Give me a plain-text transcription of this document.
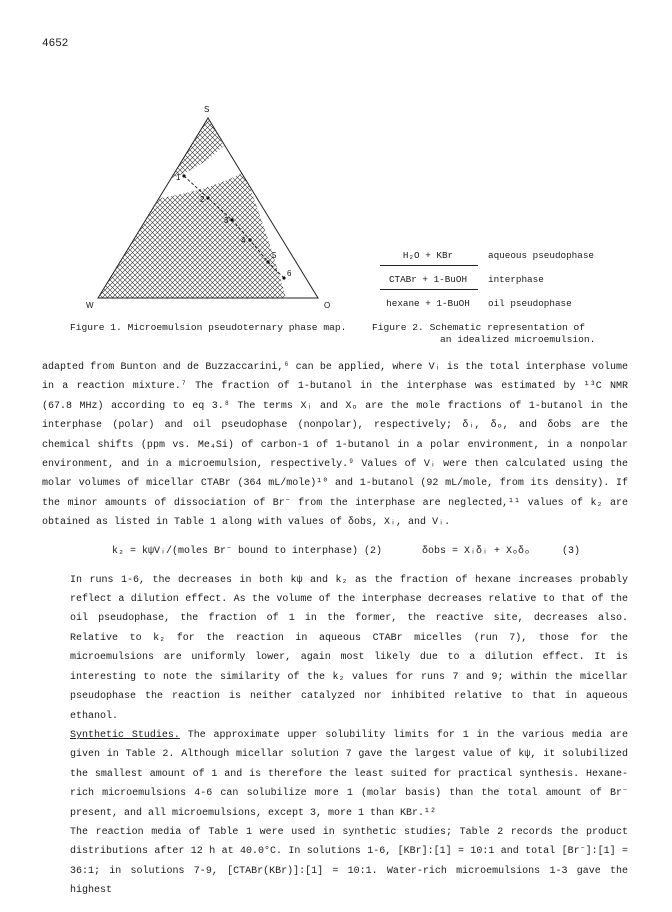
4652
S
W	O
1
2
3
4
5
6
H₂O + KBr	aqueous pseudophase
CTABr + 1-BuOH	interphase
hexane + 1-BuOH	oil pseudophase
Figure 1. Microemulsion pseudoternary phase map.	Figure 2. Schematic representation of
an idealized microemulsion.

adapted from Bunton and de Buzzaccarini,⁶ can be applied, where Vᵢ is the total interphase volume in a reaction mixture.⁷ The fraction of 1-butanol in the interphase was estimated by ¹³C NMR (67.8 MHz) according to eq 3.⁸ The terms Xᵢ and Xₒ are the mole fractions of 1-butanol in the interphase (polar) and oil pseudophase (nonpolar), respectively; δᵢ, δₒ, and δobs are the chemical shifts (ppm vs. Me₄Si) of carbon-1 of 1-butanol in a polar environment, in a nonpolar environment, and in a microemulsion, respectively.⁹ Values of Vᵢ were then calculated using the molar volumes of micellar CTABr (364 mL/mole)¹⁰ and 1-butanol (92 mL/mole, from its density). If the minor amounts of dissociation of Br⁻ from the interphase are neglected,¹¹ values of k₂ are obtained as listed in Table 1 along with values of δobs, Xᵢ, and Vᵢ.

k₂ = kψVᵢ/(moles Br⁻ bound to interphase) (2)	δobs = Xᵢδᵢ + Xₒδₒ	(3)

In runs 1-6, the decreases in both kψ and k₂ as the fraction of hexane increases probably reflect a dilution effect. As the volume of the interphase decreases relative to that of the oil pseudophase, the fraction of 1 in the former, the reactive site, decreases also. Relative to k₂ for the reaction in aqueous CTABr micelles (run 7), those for the microemulsions are uniformly lower, again most likely due to a dilution effect. It is interesting to note the similarity of the k₂ values for runs 7 and 9; within the micellar pseudophase the reaction is neither catalyzed nor inhibited relative to that in aqueous ethanol.

Synthetic Studies. The approximate upper solubility limits for 1 in the various media are given in Table 2. Although micellar solution 7 gave the largest value of kψ, it solubilized the smallest amount of 1 and is therefore the least suited for practical synthesis. Hexane-rich microemulsions 4-6 can solubilize more 1 (molar basis) than the total amount of Br⁻ present, and all microemulsions, except 3, more 1 than KBr.¹²

The reaction media of Table 1 were used in synthetic studies; Table 2 records the product distributions after 12 h at 40.0°C. In solutions 1-6, [KBr]:[1] = 10:1 and total [Br⁻]:[1] = 36:1; in solutions 7-9, [CTABr(KBr)]:[1] = 10:1. Water-rich microemulsions 1-3 gave the highest
